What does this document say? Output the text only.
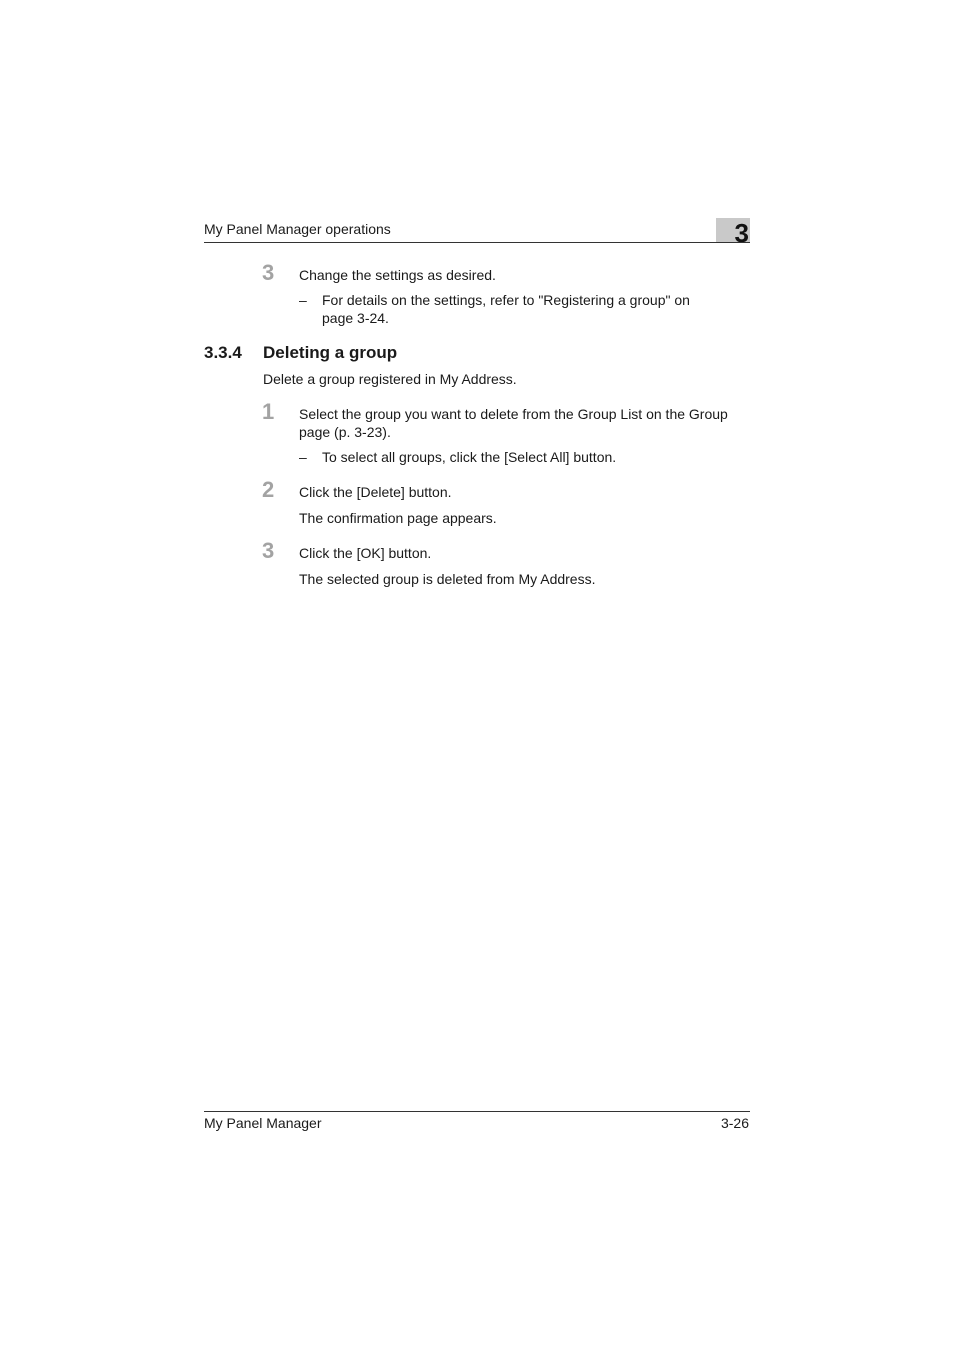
My Panel Manager operations	3
3 Change the settings as desired.
– For details on the settings, refer to "Registering a group" on page 3-24.
3.3.4 Deleting a group
Delete a group registered in My Address.
1 Select the group you want to delete from the Group List on the Group page (p. 3-23).
– To select all groups, click the [Select All] button.
2 Click the [Delete] button.
The confirmation page appears.
3 Click the [OK] button.
The selected group is deleted from My Address.
My Panel Manager	3-26
